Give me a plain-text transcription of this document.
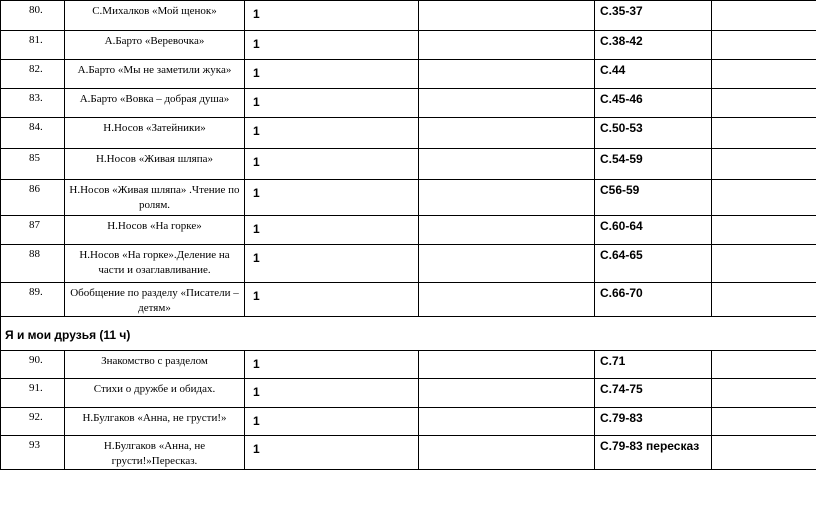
80.	С.Михалков «Мой щенок»	1		С.35-37	
81.	А.Барто «Веревочка»	1		С.38-42	
82.	А.Барто «Мы не заметили жука»	1		С.44	
83.	А.Барто «Вовка – добрая душа»	1		С.45-46	
84.	Н.Носов «Затейники»	1		С.50-53	
85	Н.Носов «Живая шляпа»	1		С.54-59	
86	Н.Носов «Живая шляпа» .Чтение по ролям.	1		С56-59	
87	Н.Носов «На горке»	1		С.60-64	
88	Н.Носов «На горке».Деление на части и озаглавливание.	1		С.64-65	
89.	Обобщение по разделу «Писатели – детям»	1		С.66-70	
Я и мои друзья (11 ч)					
90.	Знакомство с разделом	1		С.71	
91.	Стихи о дружбе и обидах.	1		С.74-75	
92.	Н.Булгаков «Анна, не грусти!»	1		С.79-83	
93	Н.Булгаков «Анна, не грусти!»Пересказ.	1		С.79-83 пересказ	
